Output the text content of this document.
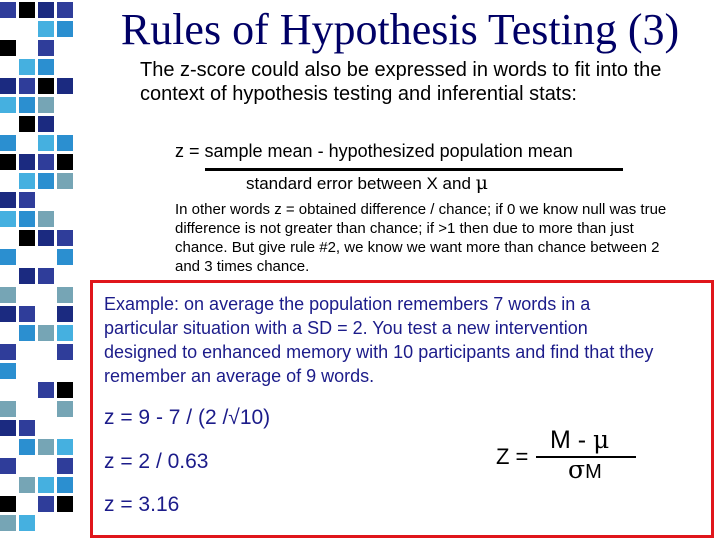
Rules of Hypothesis Testing (3)
The z-score could also be expressed in words to fit into the context of hypothesis testing and inferential stats:
z = sample mean - hypothesized population mean
standard error between X and μ
In other words z = obtained difference / chance; if 0 we know null was true difference is not greater than chance; if >1 then due to more than just chance. But give rule #2, we know we want more than chance between 2 and 3 times chance.
Example: on average the population remembers 7 words in a
particular situation with a SD = 2. You test a new intervention
designed to enhanced memory with 10 participants and find that they
remember an average of 9 words.
z = 9 - 7 / (2 /√10)
z = 2 / 0.63
z = 3.16
Z =
M - μ
σM
